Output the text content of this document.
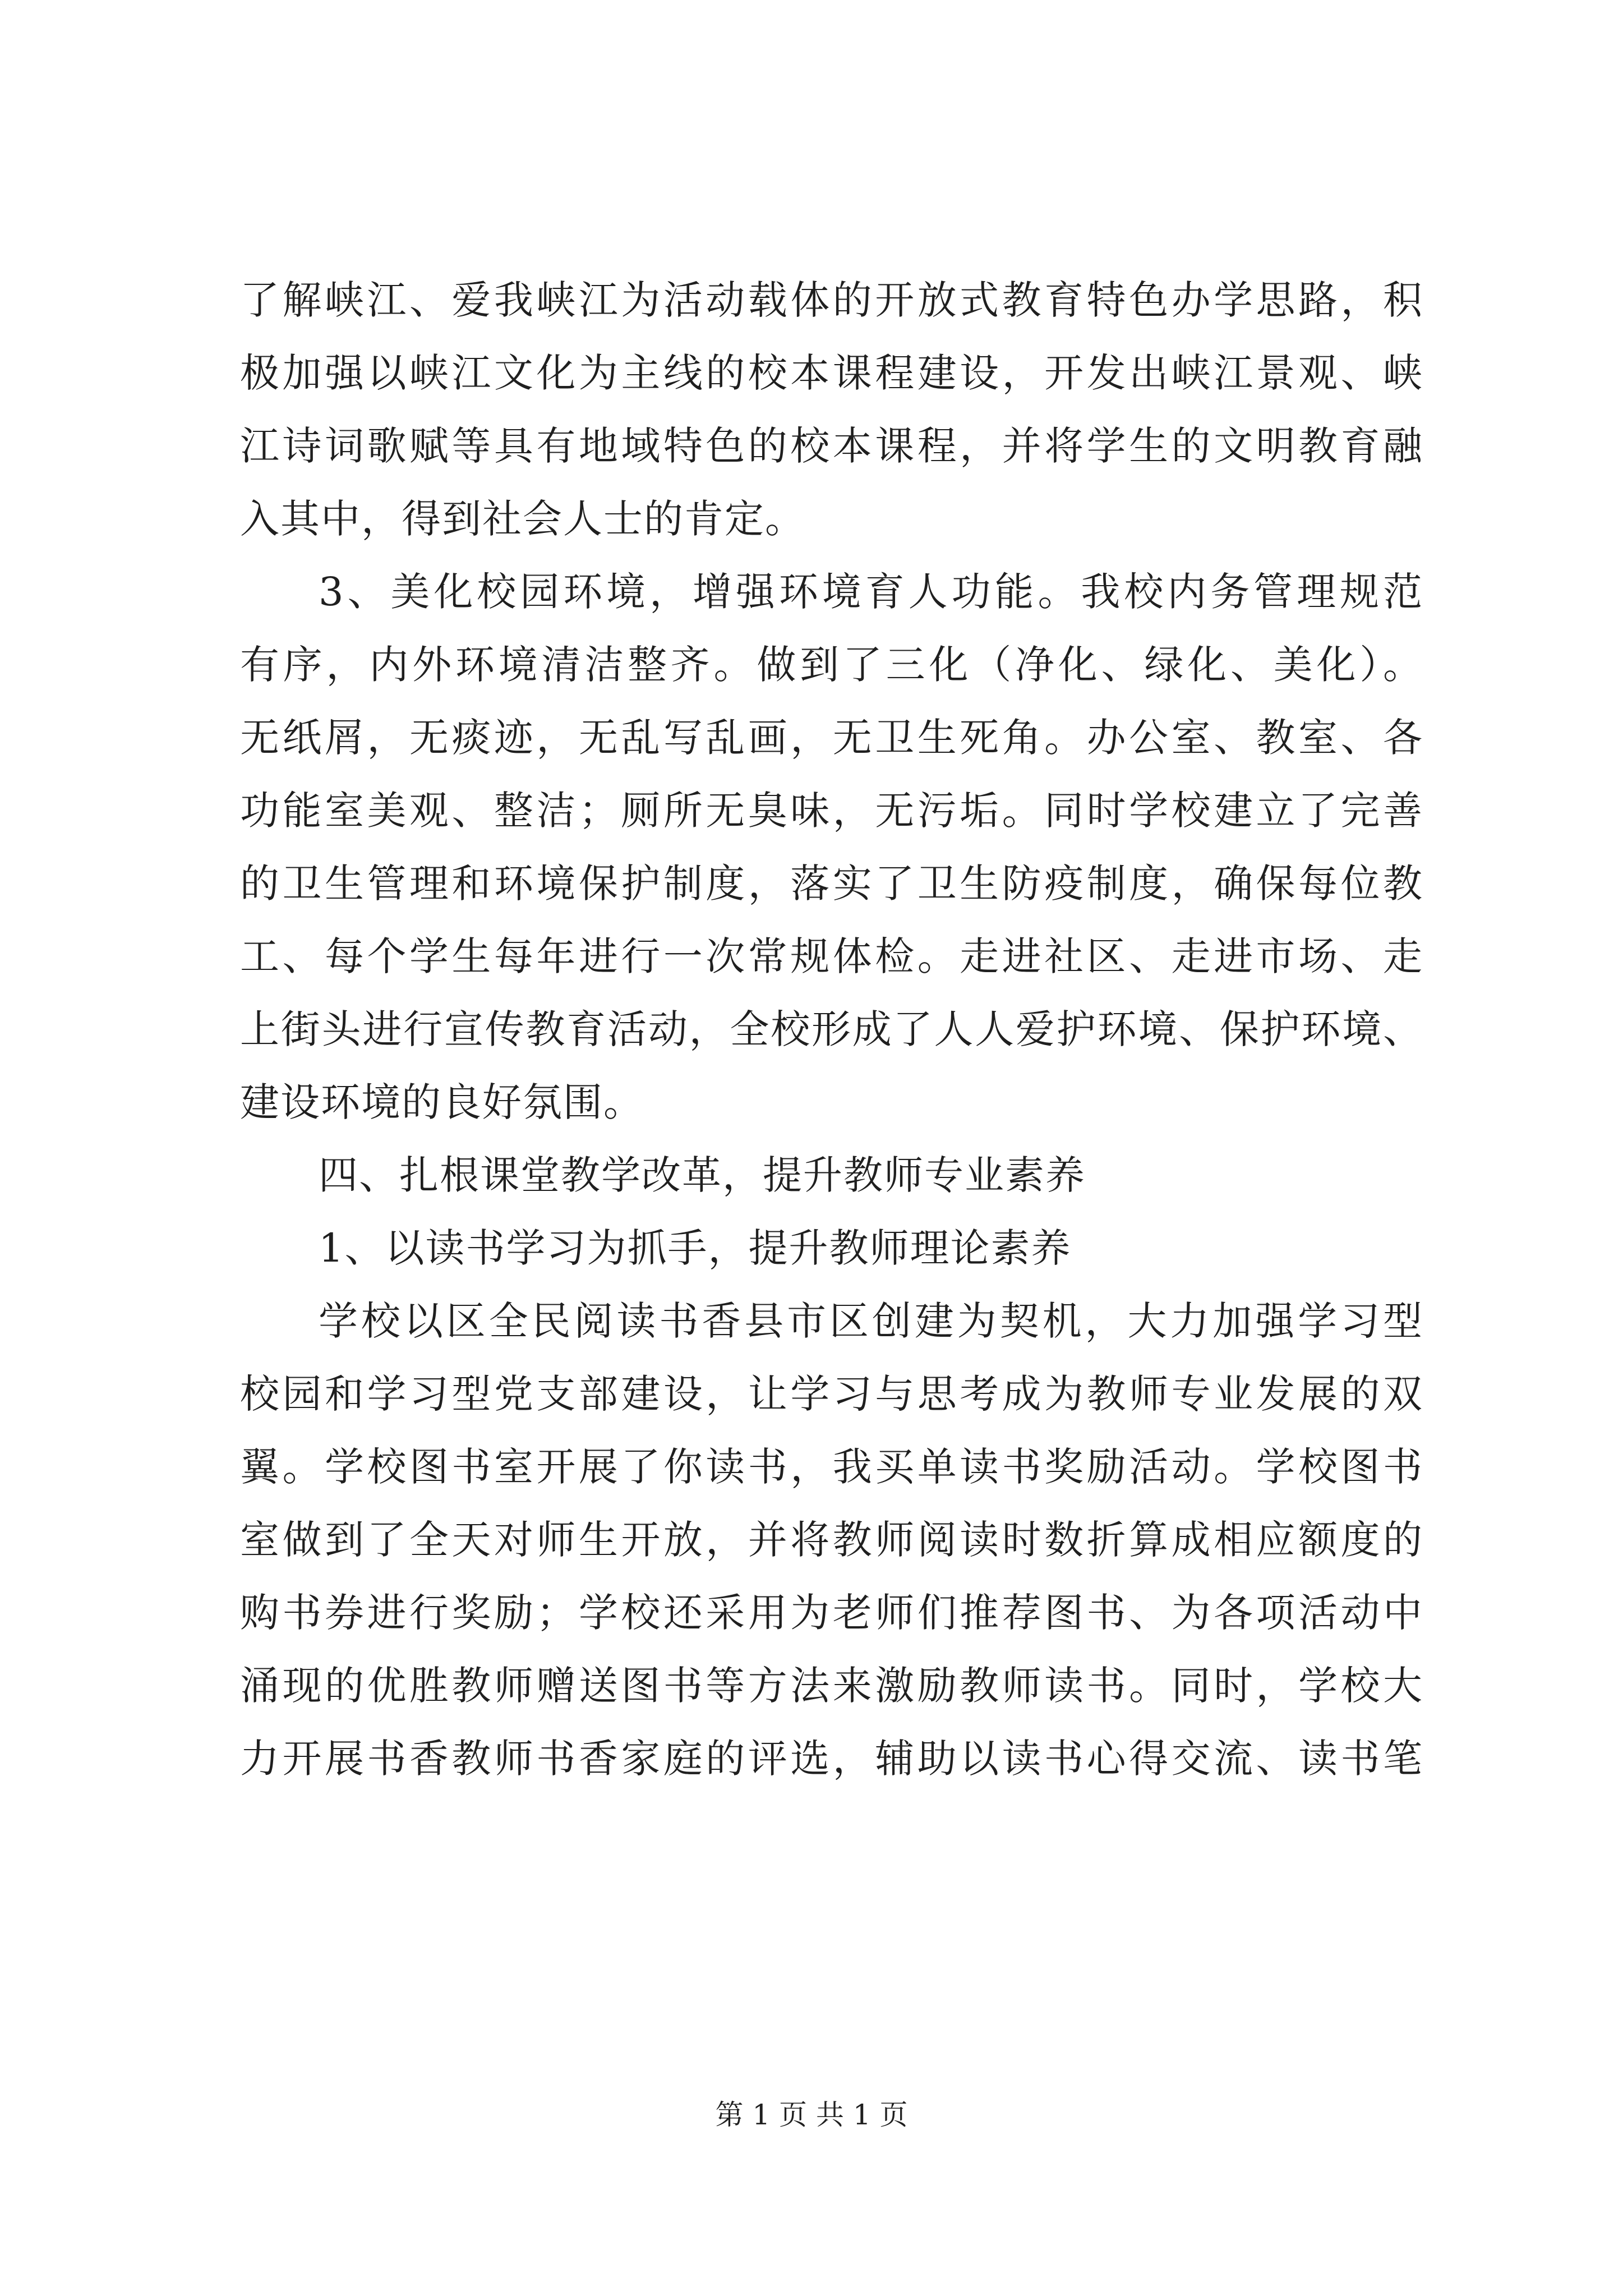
了解峡江、爱我峡江为活动载体的开放式教育特色办学思路，积
极加强以峡江文化为主线的校本课程建设，开发出峡江景观、峡
江诗词歌赋等具有地域特色的校本课程，并将学生的文明教育融
入其中，得到社会人士的肯定。
3、美化校园环境，增强环境育人功能。我校内务管理规范
有序，内外环境清洁整齐。做到了三化（净化、绿化、美化）。
无纸屑，无痰迹，无乱写乱画，无卫生死角。办公室、教室、各
功能室美观、整洁；厕所无臭味，无污垢。同时学校建立了完善
的卫生管理和环境保护制度，落实了卫生防疫制度，确保每位教
工、每个学生每年进行一次常规体检。走进社区、走进市场、走
上街头进行宣传教育活动，全校形成了人人爱护环境、保护环境、
建设环境的良好氛围。
四、扎根课堂教学改革，提升教师专业素养
1、以读书学习为抓手，提升教师理论素养
学校以区全民阅读书香县市区创建为契机，大力加强学习型
校园和学习型党支部建设，让学习与思考成为教师专业发展的双
翼。学校图书室开展了你读书，我买单读书奖励活动。学校图书
室做到了全天对师生开放，并将教师阅读时数折算成相应额度的
购书券进行奖励；学校还采用为老师们推荐图书、为各项活动中
涌现的优胜教师赠送图书等方法来激励教师读书。同时，学校大
力开展书香教师书香家庭的评选，辅助以读书心得交流、读书笔
第 1 页 共 1 页
